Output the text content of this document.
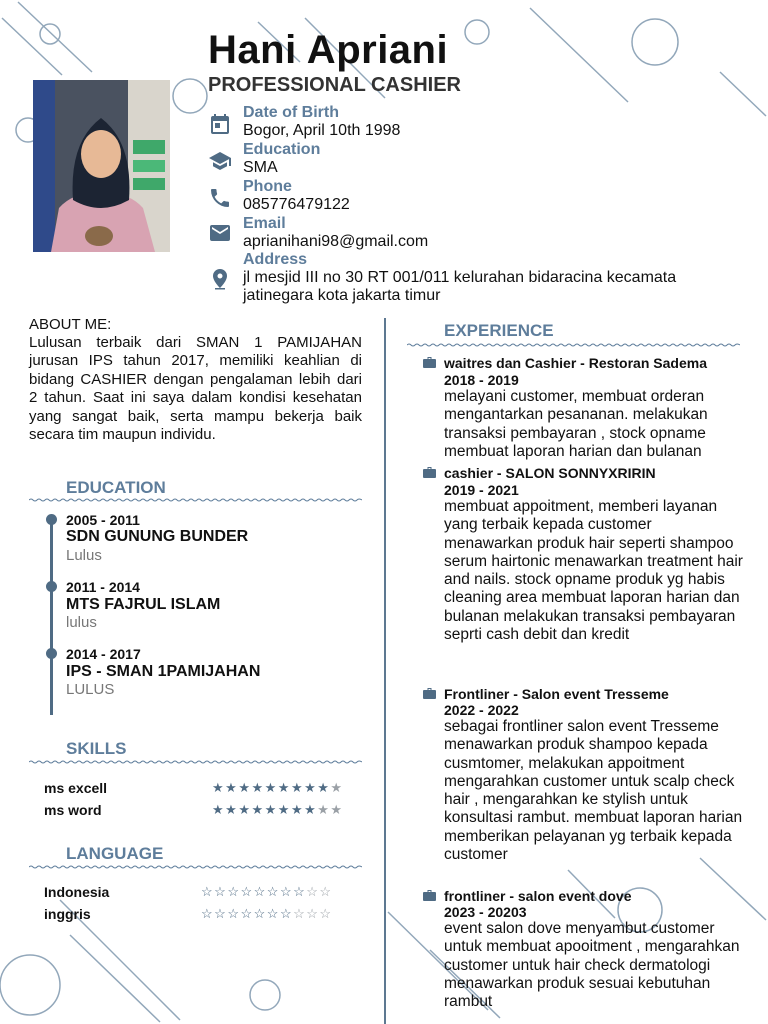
Hani Apriani
PROFESSIONAL CASHIER
Date of Birth
Bogor, April 10th 1998
Education
SMA
Phone
085776479122
Email
aprianihani98@gmail.com
Address
jl mesjid III no 30 RT 001/011 kelurahan bidaracina kecamata
jatinegara kota jakarta timur
ABOUT ME:
Lulusan terbaik dari SMAN 1 PAMIJAHAN jurusan IPS tahun 2017, memiliki keahlian di bidang CASHIER dengan pengalaman lebih dari 2 tahun. Saat ini saya dalam kondisi kesehatan yang sangat baik, serta mampu bekerja baik secara tim maupun individu.
EDUCATION
2005 - 2011
SDN GUNUNG BUNDER
Lulus
2011 - 2014
MTS FAJRUL ISLAM
lulus
2014 - 2017
IPS - SMAN 1PAMIJAHAN
LULUS
SKILLS
ms excell	★★★★★★★★★★
ms word	★★★★★★★★★★
LANGUAGE
Indonesia	☆☆☆☆☆☆☆☆☆☆
inggris	☆☆☆☆☆☆☆☆☆☆
EXPERIENCE
waitres dan Cashier - Restoran Sadema
2018 - 2019
melayani customer, membuat orderan mengantarkan pesananan. melakukan transaksi pembayaran , stock opname membuat laporan harian dan bulanan
cashier - SALON SONNYXRIRIN
2019 - 2021
membuat appoitment, memberi layanan yang terbaik kepada customer menawarkan produk hair seperti shampoo serum hairtonic menawarkan treatment hair and nails. stock opname produk yg habis cleaning area membuat laporan harian dan bulanan melakukan transaksi pembayaran seprti cash debit dan kredit
Frontliner - Salon event Tresseme
2022 - 2022
sebagai frontliner salon event Tresseme menawarkan produk shampoo kepada cusmtomer, melakukan appoitment mengarahkan customer untuk scalp check hair , mengarahkan ke stylish untuk konsultasi rambut. membuat laporan harian memberikan pelayanan yg terbaik kepada customer
frontliner - salon event dove
2023 - 20203
event salon dove menyambut customer untuk membuat apooitment , mengarahkan customer untuk hair check dermatologi menawarkan produk sesuai kebutuhan rambut
